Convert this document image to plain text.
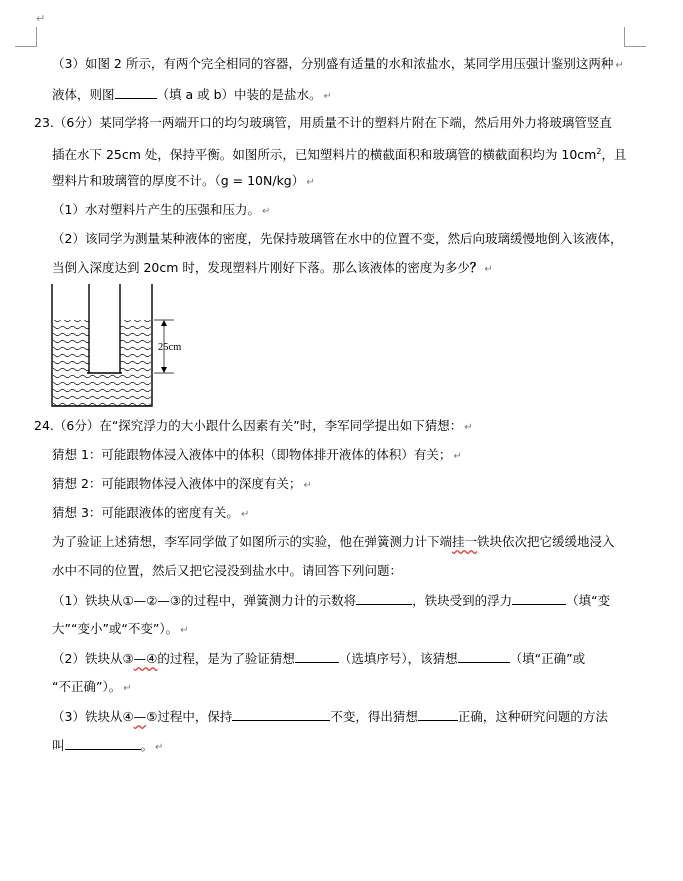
↵
（3）如图 2 所示，有两个完全相同的容器，分别盛有适量的水和浓盐水，某同学用压强计鉴别这两种 ↵
液体，则图	（填 a 或 b）中装的是盐水。 ↵
23.（6分）某同学将一两端开口的均匀玻璃管，用质量不计的塑料片附在下端，然后用外力将玻璃管竖直
插在水下 25cm 处，保持平衡。如图所示，已知塑料片的横截面积和玻璃管的横截面积均为 $10cm^2$，且
塑料片和玻璃管的厚度不计。（g = 10N/kg） ↵
（1）水对塑料片产生的压强和压力。 ↵
（2）该同学为测量某种液体的密度，先保持玻璃管在水中的位置不变，然后向玻璃缓慢地倒入该液体，
当倒入深度达到 20cm 时，发现塑料片刚好下落。那么该液体的密度为多少？ ↵
25cm
24.（6分）在“探究浮力的大小跟什么因素有关”时，李军同学提出如下猜想： ↵
猜想 1：可能跟物体浸入液体中的体积（即物体排开液体的体积）有关； ↵
猜想 2：可能跟物体浸入液体中的深度有关； ↵
猜想 3：可能跟液体的密度有关。 ↵
为了验证上述猜想，李军同学做了如图所示的实验，他在弹簧测力计下端挂一铁块依次把它缓缓地浸入
水中不同的位置，然后又把它浸没到盐水中。请回答下列问题：
（1）铁块从①—②—③的过程中，弹簧测力计的示数将	，铁块受到的浮力	（填“变
大”“变小”或“不变”）。 ↵
（2）铁块从③—④的过程，是为了验证猜想	（选填序号），该猜想	（填“正确”或
“不正确”）。 ↵
（3）铁块从④—⑤过程中，保持	不变，得出猜想	正确，这种研究问题的方法
叫	。 ↵
